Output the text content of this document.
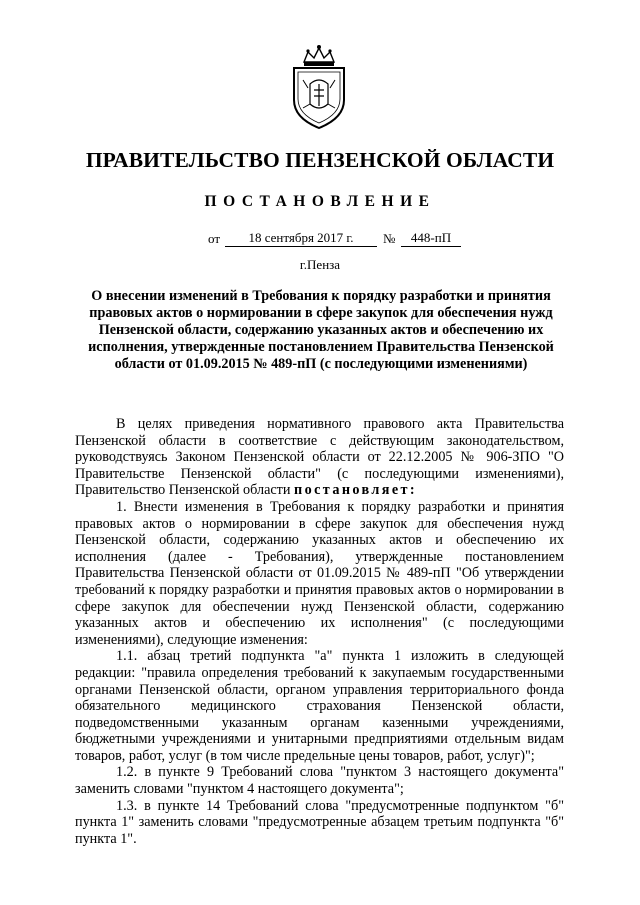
ПРАВИТЕЛЬСТВО ПЕНЗЕНСКОЙ ОБЛАСТИ
ПОСТАНОВЛЕНИЕ
от	18 сентября 2017 г.	№	448-пП
г.Пенза
О внесении изменений в Требования к порядку разработки и принятия правовых актов о нормировании в сфере закупок для обеспечения нужд Пензенской области, содержанию указанных актов и обеспечению их исполнения, утвержденные постановлением Правительства Пензенской области от 01.09.2015 № 489-пП (с последующими изменениями)

В целях приведения нормативного правового акта Правительства Пензенской области в соответствие с действующим законодательством, руководствуясь Законом Пензенской области от 22.12.2005 № 906-ЗПО "О Правительстве Пензенской области" (с последующими изменениями), Правительство Пензенской области постановляет:

1. Внести изменения в Требования к порядку разработки и принятия правовых актов о нормировании в сфере закупок для обеспечения нужд Пензенской области, содержанию указанных актов и обеспечению их исполнения (далее - Требования), утвержденные постановлением Правительства Пензенской области от 01.09.2015 № 489-пП "Об утверждении требований к порядку разработки и принятия правовых актов о нормировании в сфере закупок для обеспечении нужд Пензенской области, содержанию указанных актов и обеспечению их исполнения" (с последующими изменениями), следующие изменения:

1.1. абзац третий подпункта "а" пункта 1 изложить в следующей редакции: "правила определения требований к закупаемым государственными органами Пензенской области, органом управления территориального фонда обязательного медицинского страхования Пензенской области, подведомственными указанным органам казенными учреждениями, бюджетными учреждениями и унитарными предприятиями отдельным видам товаров, работ, услуг (в том числе предельные цены товаров, работ, услуг)";

1.2. в пункте 9 Требований слова "пунктом 3 настоящего документа" заменить словами "пунктом 4 настоящего документа";

1.3. в пункте 14 Требований слова "предусмотренные подпунктом "б" пункта 1" заменить словами "предусмотренные абзацем третьим подпункта "б" пункта 1".
